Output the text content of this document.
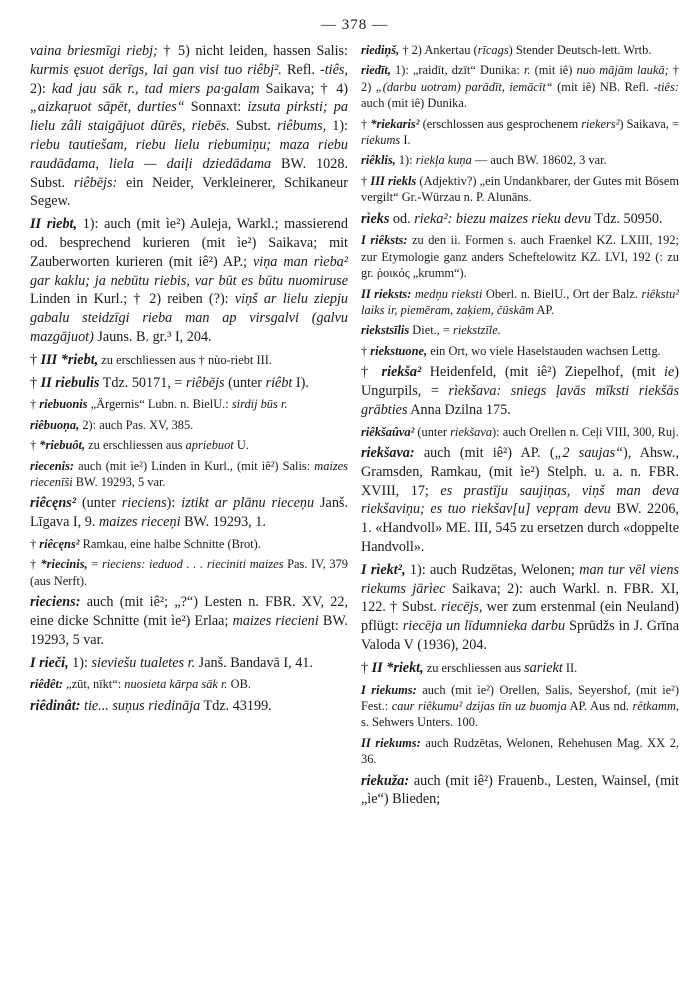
— 378 —

vaina briesmīgi riebj; † 5) nicht leiden, hassen Salis: kurmis ęsuot derīgs, lai gan visi tuo riêbj². Refl. -tiês, 2): kad jau sāk r., tad miers pa·galam Saikava; † 4) „aizkaŗuot sāpēt, durties“ Sonnaxt: izsuta pirksti; pa lielu zâli staigājuot dūrēs, riebēs. Subst. riêbums, 1): riebu tautiešam, riebu lielu riebumiņu; maza riebu raudādama, liela — daiļi dziedādama BW. 1028. Subst. riêbējs: ein Neider, Verkleinerer, Schikaneur Segew.

II rìebt, 1): auch (mit ìe²) Auleja, Warkl.; massierend od. besprechend kurieren (mit ìe²) Saikava; mit Zauberworten kurieren (mit iê²) AP.; viņa man rìeba² gar kaklu; ja nebūtu riebis, var būt es būtu nuomiruse Linden in Kurl.; † 2) reiben (?): viņš ar lielu ziepju gabalu steidzīgi rieba man ap virsgalvi (galvu mazgājuot) Jauns. B. gr.³ I, 204.

† III *riebt, zu erschliessen aus † nùo-riebt III.

† II riebulis Tdz. 50171, = riêbējs (unter riêbt I).

† riebuonis „Ärgernis“ Lubn. n. BielU.: sirdij būs r.

riêbuoņa, 2): auch Pas. XV, 385.

† *riebuôt, zu erschliessen aus apriebuot U.

riecenis: auch (mit ìe²) Linden in Kurl., (mit iê²) Salis: maizes riecenīši BW. 19293, 5 var.

riêcęns² (unter rieciens): iztikt ar plānu rieceņu Janš. Līgava I, 9. maizes rieceņi BW. 19293, 1.

† riêcęns² Ramkau, eine halbe Schnitte (Brot).

† *riecinis, = rieciens: ieduod . . . rieciniti maizes Pas. IV, 379 (aus Nerft).

rieciens: auch (mit iê²; „?“) Lesten n. FBR. XV, 22, eine dicke Schnitte (mit ìe²) Erlaa; maizes riecieni BW. 19293, 5 var.

I rieči, 1): sieviešu tualetes r. Janš. Bandavā I, 41.

riêdêt: „zūt, nīkt“: nuosieta kārpa sāk r. OB.

riêdinât: tie... suņus riedināja Tdz. 43199.

riediņš, † 2) Ankertau (rīcags) Stender Deutsch-lett. Wrtb.

riedīt, 1): „raidīt, dzīt“ Dunika: r. (mit iê) nuo mājām laukā; † 2) „(darbu uotram) parādīt, iemācīt“ (mit iê) NB. Refl. -tiês: auch (mit iê) Dunika.

† *riekaris² (erschlossen aus gesprochenem riekers²) Saikava, = riekums I.

riêklis, 1): riekļa kuņa — auch BW. 18602, 3 var.

† III riekls (Adjektiv?) „ein Undankbarer, der Gutes mit Bösem vergilt“ Gr.-Würzau n. P. Alunāns.

rìeks od. rieka²: biezu maizes rieku devu Tdz. 50950.

I riêksts: zu den ii. Formen s. auch Fraenkel KZ. LXIII, 192; zur Etymologie ganz anders Scheftelowitz KZ. LVI, 192 (: zu gr. ῥοικός „krumm“).

II rieksts: medņu rieksti Oberl. n. BielU., Ort der Balz. riêkstu² laiks ir, piemēram, zaķiem, čūskām AP.

riekstsīlis Diet., = riekstzīle.

† riekstuone, ein Ort, wo viele Haselstauden wachsen Lettg.

† riekša² Heidenfeld, (mit iê²) Ziepelhof, (mit ie) Ungurpils, = rìekšava: sniegs ļavās mīksti riekšās grābties Anna Dzilna 175.

riêkšaûva² (unter riekšava): auch Orellen n. Ceļi VIII, 300, Ruj.

riekšava: auch (mit iê²) AP. („2 saujas“), Ahsw., Gramsden, Ramkau, (mit ìe²) Stelph. u. a. n. FBR. XVIII, 17; es prastīju saujiņas, viņš man deva riekšaviņu; es tuo riekšav[u] vepŗam devu BW. 2206, 1. «Handvoll» ME. III, 545 zu ersetzen durch «doppelte Handvoll».

I rìekt², 1): auch Rudzētas, Welonen; man tur vēl viens riekums jārìec Saikava; 2): auch Warkl. n. FBR. XI, 122. † Subst. riecējs, wer zum erstenmal (ein Neuland) pflügt: riecēja un līdumnieka darbu Sprūdžs in J. Grīna Valoda V (1936), 204.

† II *riekt, zu erschliessen aus sariekt II.

I riekums: auch (mit ìe²) Orellen, Salis, Seyershof, (mit ie²) Fest.: caur riêkumu² dzijas tīn uz buomja AP. Aus nd. rêtkamm, s. Sehwers Unters. 100.

II riekums: auch Rudzētas, Welonen, Rehehusen Mag. XX 2, 36.

riekuža: auch (mit iê²) Frauenb., Lesten, Wainsel, (mit „ìe“) Blieden;
